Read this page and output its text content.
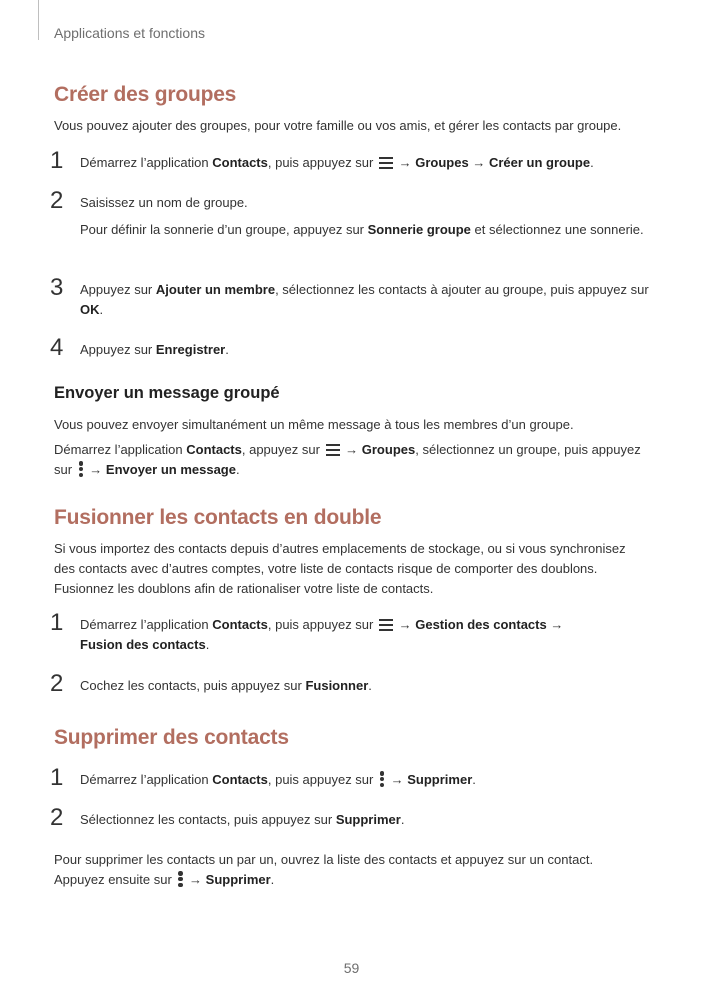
Applications et fonctions
Créer des groupes
Vous pouvez ajouter des groupes, pour votre famille ou vos amis, et gérer les contacts par groupe.
1	Démarrez l’application Contacts, puis appuyez sur
→ Groupes → Créer un groupe.
2	Saisissez un nom de groupe.
Pour définir la sonnerie d’un groupe, appuyez sur Sonnerie groupe et sélectionnez une sonnerie.
3	Appuyez sur Ajouter un membre, sélectionnez les contacts à ajouter au groupe, puis appuyez sur OK.
4	Appuyez sur Enregistrer.
Envoyer un message groupé
Vous pouvez envoyer simultanément un même message à tous les membres d’un groupe.
Démarrez l’application Contacts, appuyez sur
→ Groupes, sélectionnez un groupe, puis appuyez sur
→ Envoyer un message.
Fusionner les contacts en double
Si vous importez des contacts depuis d’autres emplacements de stockage, ou si vous synchronisez des contacts avec d’autres comptes, votre liste de contacts risque de comporter des doublons. Fusionnez les doublons afin de rationaliser votre liste de contacts.
1	Démarrez l’application Contacts, puis appuyez sur
→ Gestion des contacts →
Fusion des contacts.
2	Cochez les contacts, puis appuyez sur Fusionner.
Supprimer des contacts
1	Démarrez l’application Contacts, puis appuyez sur
→ Supprimer.
2	Sélectionnez les contacts, puis appuyez sur Supprimer.
Pour supprimer les contacts un par un, ouvrez la liste des contacts et appuyez sur un contact. Appuyez ensuite sur
→ Supprimer.
59
